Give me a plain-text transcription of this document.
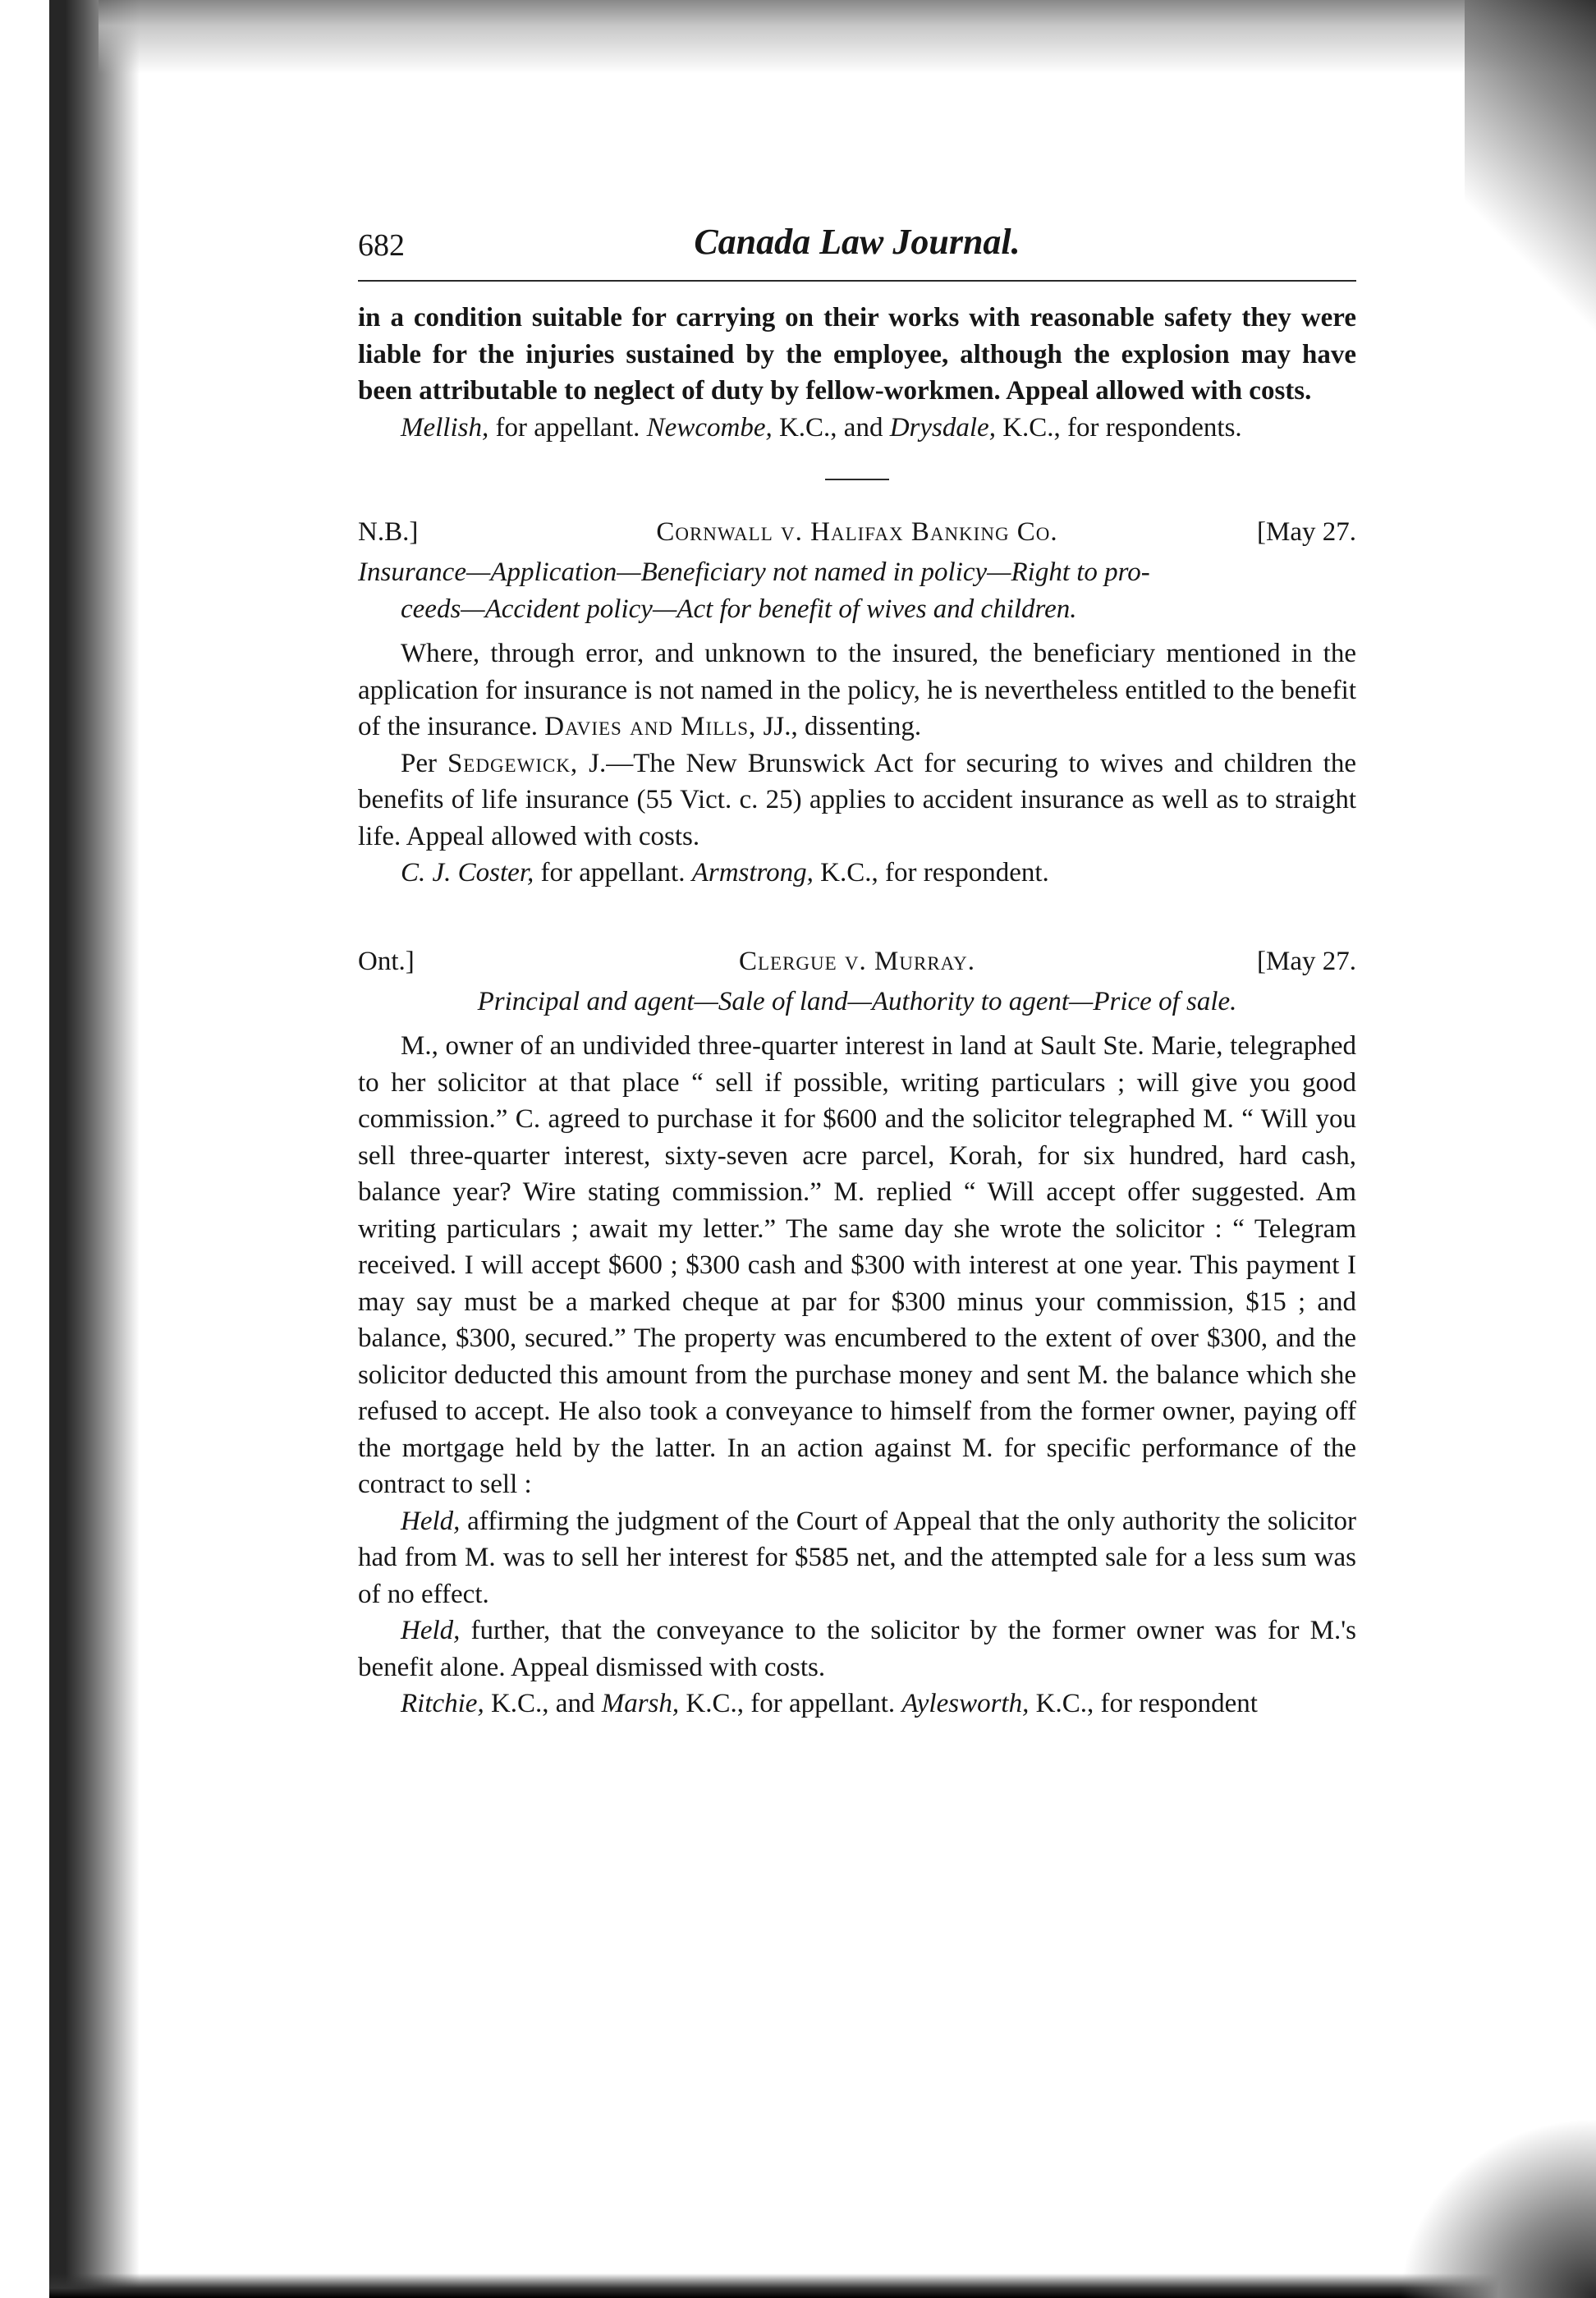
682	Canada Law Journal.

in a condition suitable for carrying on their works with reasonable safety they were liable for the injuries sustained by the employee, although the explosion may have been attributable to neglect of duty by fellow-workmen. Appeal allowed with costs.

Mellish, for appellant. Newcombe, K.C., and Drysdale, K.C., for respondents.

N.B.]	Cornwall v. Halifax Banking Co.	[May 27.

Insurance—Application—Beneficiary not named in policy—Right to pro-
ceeds—Accident policy—Act for benefit of wives and children.

Where, through error, and unknown to the insured, the beneficiary mentioned in the application for insurance is not named in the policy, he is nevertheless entitled to the benefit of the insurance. Davies and Mills, JJ., dissenting.

Per Sedgewick, J.—The New Brunswick Act for securing to wives and children the benefits of life insurance (55 Vict. c. 25) applies to accident insurance as well as to straight life. Appeal allowed with costs.

C. J. Coster, for appellant. Armstrong, K.C., for respondent.

Ont.]	Clergue v. Murray.	[May 27.

Principal and agent—Sale of land—Authority to agent—Price of sale.

M., owner of an undivided three-quarter interest in land at Sault Ste. Marie, telegraphed to her solicitor at that place “ sell if possible, writing particulars ; will give you good commission.” C. agreed to purchase it for $600 and the solicitor telegraphed M. “ Will you sell three-quarter interest, sixty-seven acre parcel, Korah, for six hundred, hard cash, balance year? Wire stating commission.” M. replied “ Will accept offer suggested. Am writing particulars ; await my letter.” The same day she wrote the solicitor : “ Telegram received. I will accept $600 ; $300 cash and $300 with interest at one year. This payment I may say must be a marked cheque at par for $300 minus your commission, $15 ; and balance, $300, secured.” The property was encumbered to the extent of over $300, and the solicitor deducted this amount from the purchase money and sent M. the balance which she refused to accept. He also took a conveyance to himself from the former owner, paying off the mortgage held by the latter. In an action against M. for specific performance of the contract to sell :

Held, affirming the judgment of the Court of Appeal that the only authority the solicitor had from M. was to sell her interest for $585 net, and the attempted sale for a less sum was of no effect.

Held, further, that the conveyance to the solicitor by the former owner was for M.'s benefit alone. Appeal dismissed with costs.

Ritchie, K.C., and Marsh, K.C., for appellant. Aylesworth, K.C., for respondent
